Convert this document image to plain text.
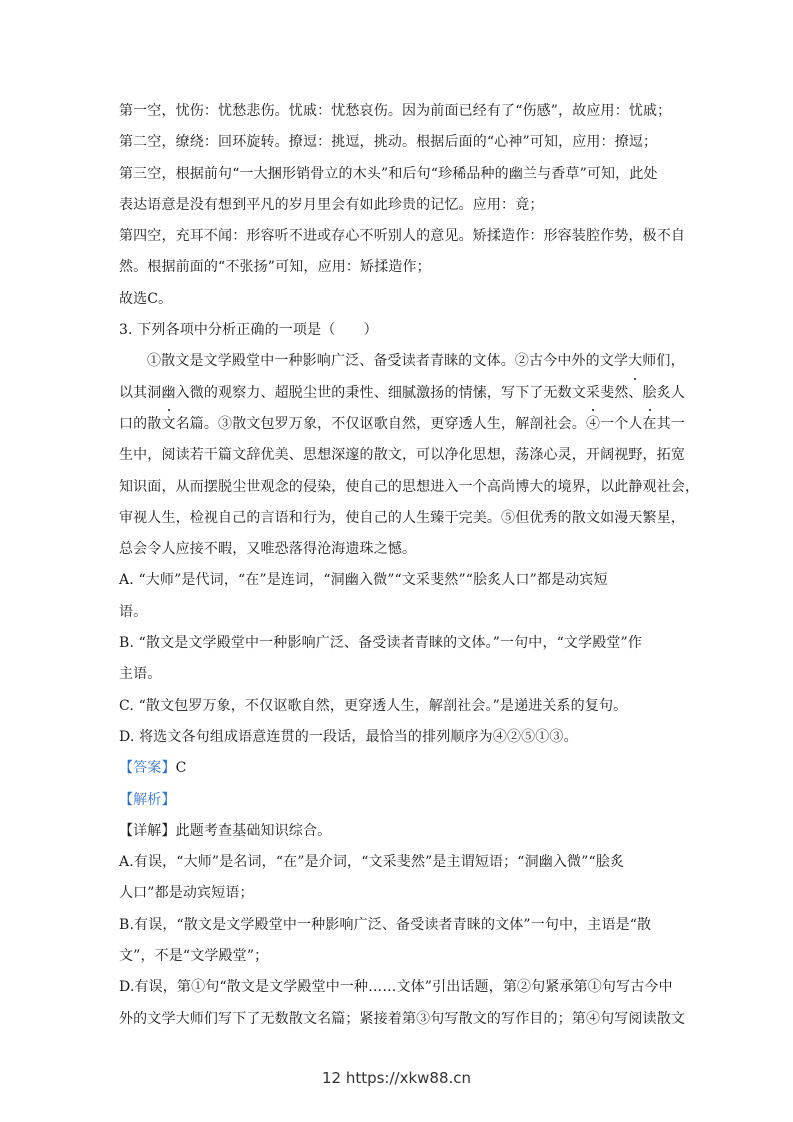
第一空，忧伤：忧愁悲伤。忧戚：忧愁哀伤。因为前面已经有了“伤感”，故应用：忧戚；
第二空，缭绕：回环旋转。撩逗：挑逗，挑动。根据后面的“心神”可知，应用：撩逗；
第三空，根据前句“一大捆形销骨立的木头”和后句“珍稀品种的幽兰与香草”可知，此处
表达语意是没有想到平凡的岁月里会有如此珍贵的记忆。应用：竟；
第四空，充耳不闻：形容听不进或存心不听别人的意见。矫揉造作：形容装腔作势，极不自
然。根据前面的“不张扬”可知，应用：矫揉造作；
故选C。
3. 下列各项中分析正确的一项是（　　）
①散文是文学殿堂中一种影响广泛、备受读者青睐的文体。②古今中外的文学大师们，
以其洞幽入微的观察力、超脱尘世的秉性、细腻激扬的情愫，写下了无数文采斐然、脍炙人
口的散文名篇。③散文包罗万象，不仅讴歌自然，更穿透人生，解剖社会。④一个人在其一
生中，阅读若干篇文辞优美、思想深邃的散文，可以净化思想，荡涤心灵，开阔视野，拓宽
知识面，从而摆脱尘世观念的侵染，使自己的思想进入一个高尚博大的境界，以此静观社会，
审视人生，检视自己的言语和行为，使自己的人生臻于完美。⑤但优秀的散文如漫天繁星，
总会令人应接不暇，又唯恐落得沧海遗珠之憾。
A. “大师”是代词，“在”是连词，“洞幽入微”“文采斐然”“脍炙人口”都是动宾短
语。
B. “散文是文学殿堂中一种影响广泛、备受读者青睐的文体。”一句中，“文学殿堂”作
主语。
C. “散文包罗万象，不仅讴歌自然，更穿透人生，解剖社会。”是递进关系的复句。
D. 将选文各句组成语意连贯的一段话，最恰当的排列顺序为④②⑤①③。
【答案】C
【解析】
【详解】此题考查基础知识综合。
A.有误，“大师”是名词，“在”是介词，“文采斐然”是主谓短语；“洞幽入微”“脍炙
人口”都是动宾短语；
B.有误，“散文是文学殿堂中一种影响广泛、备受读者青睐的文体”一句中，主语是“散
文”，不是“文学殿堂”；
D.有误，第①句“散文是文学殿堂中一种……文体”引出话题，第②句紧承第①句写古今中
外的文学大师们写下了无数散文名篇；紧接着第③句写散文的写作目的；第④句写阅读散文
12 https://xkw88.cn
